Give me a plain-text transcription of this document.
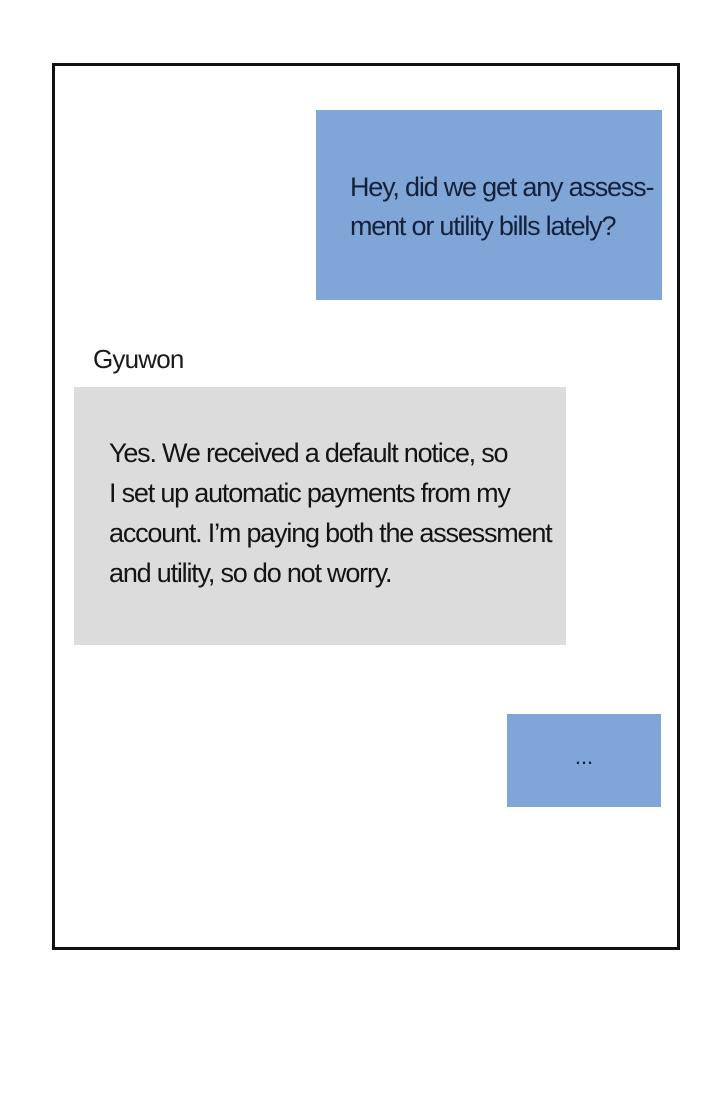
Hey, did we get any assess-
ment or utility bills lately?
Gyuwon
Yes. We received a default notice, so
I set up automatic payments from my
account. I’m paying both the assessment
and utility, so do not worry.
...
